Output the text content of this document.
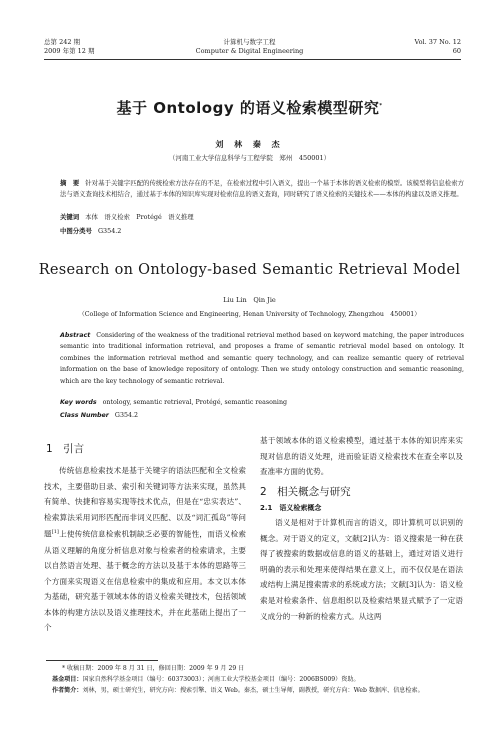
总第 242 期
2009 年第 12 期
计算机与数字工程
Computer & Digital Engineering
Vol. 37 No. 12
60
基于 Ontology 的语义检索模型研究*
刘 林 秦 杰
（河南工业大学信息科学与工程学院　郑州　450001）
摘　要 针对基于关键字匹配的传统检索方法存在的不足，在检索过程中引入语义，提出一个基于本体的语义检索的模型。该模型将信息检索方法与语义查询技术相结合，通过基于本体的知识库实现对检索信息的语义查询，同时研究了语义检索的关键技术——本体的构建以及语义推理。
关键词 本体　语义检索　Protégé　语义推理
中图分类号 G354.2
Research on Ontology-based Semantic Retrieval Model
Liu Lin　Qin Jie
（College of Information Science and Engineering, Henan University of Technology, Zhengzhou　450001）
Abstract Considering of the weakness of the traditional retrieval method based on keyword matching, the paper introduces semantic into traditional information retrieval, and proposes a frame of semantic retrieval model based on ontology. It combines the information retrieval method and semantic query technology, and can realize semantic query of retrieval information on the base of knowledge repository of ontology. Then we study ontology construction and semantic reasoning, which are the key technology of semantic retrieval.
Key words ontology, semantic retrieval, Protégé, semantic reasoning
Class Number G354.2
1　引言
传统信息检索技术是基于关键字的语法匹配和全文检索技术，主要借助目录、索引和关键词等方法来实现，虽然具有简单、快捷和容易实现等技术优点，但是在“忠实表达”、检索算法采用词形匹配而非词义匹配、以及“词汇孤岛”等问题[1]上使传统信息检索机制缺乏必要的智能性，而语义检索从语义理解的角度分析信息对象与检索者的检索请求，主要以自然语言处理、基于概念的方法以及基于本体的思路等三个方面来实现语义在信息检索中的集成和应用。本文以本体为基础，研究基于领域本体的语义检索关键技术，包括领域本体的构建方法以及语义推理技术，并在此基础上提出了一个
基于领域本体的语义检索模型，通过基于本体的知识库来实现对信息的语义处理，进而验证语义检索技术在查全率以及查准率方面的优势。
2　相关概念与研究
2.1　语义检索概念
语义是相对于计算机而言的语义，即计算机可以识别的概念。对于语义的定义，文献[2]认为：语义搜索是一种在获得了被搜索的数据或信息的语义的基础上，通过对语义进行明确的表示和处理来使得结果在意义上，而不仅仅是在语法或结构上满足搜索需求的系统或方法；文献[3]认为：语义检索是对检索条件、信息组织以及检索结果显式赋予了一定语义成分的一种新的检索方式。从这两
* 收稿日期：2009 年 8 月 31 日，修回日期：2009 年 9 月 29 日
基金项目：国家自然科学基金项目（编号：60373003）；河南工业大学校基金项目（编号：2006BS009）资助。
作者简介：刘林，男，硕士研究生，研究方向：搜索引擎、语义 Web。秦杰，硕士生导师，副教授，研究方向：Web 数据库、信息检索。
